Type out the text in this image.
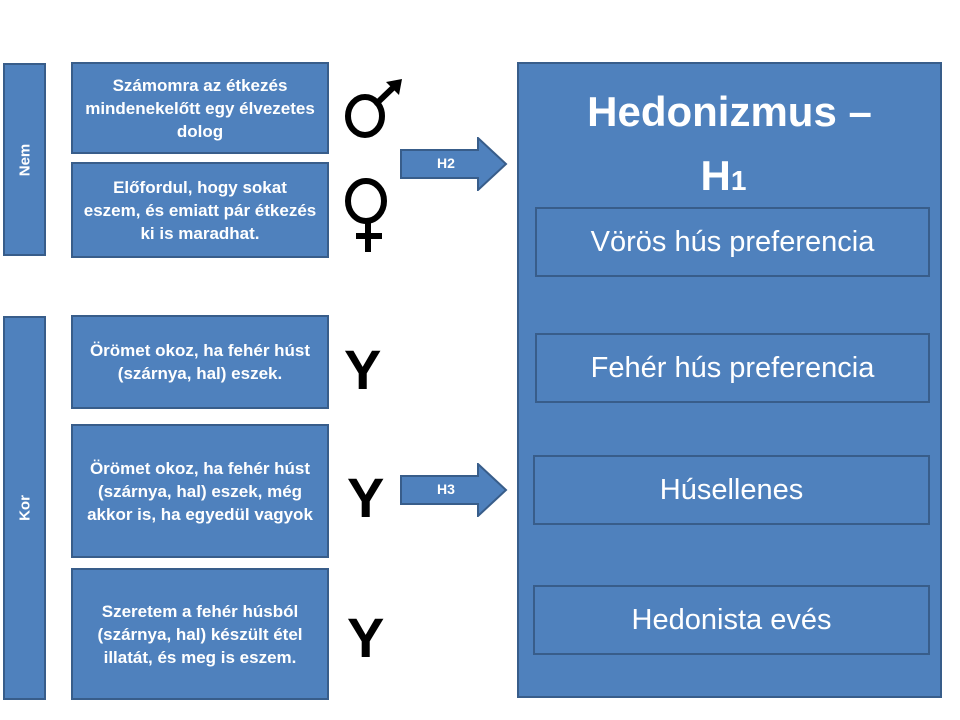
Nem
Kor
Számomra az étkezés mindenekelőtt egy élvezetes dolog
Előfordul, hogy sokat eszem, és emiatt pár étkezés ki is maradhat.
Örömet okoz, ha fehér húst (szárnya, hal) eszek.
Örömet okoz, ha fehér húst (szárnya, hal) eszek, még akkor is, ha egyedül vagyok
Szeretem a fehér húsból (szárnya, hal) készült étel illatát, és meg is eszem.
Y
Y
Y
H2
H3
Hedonizmus –
H1
Vörös hús preferencia
Fehér hús preferencia
Húsellenes
Hedonista evés
